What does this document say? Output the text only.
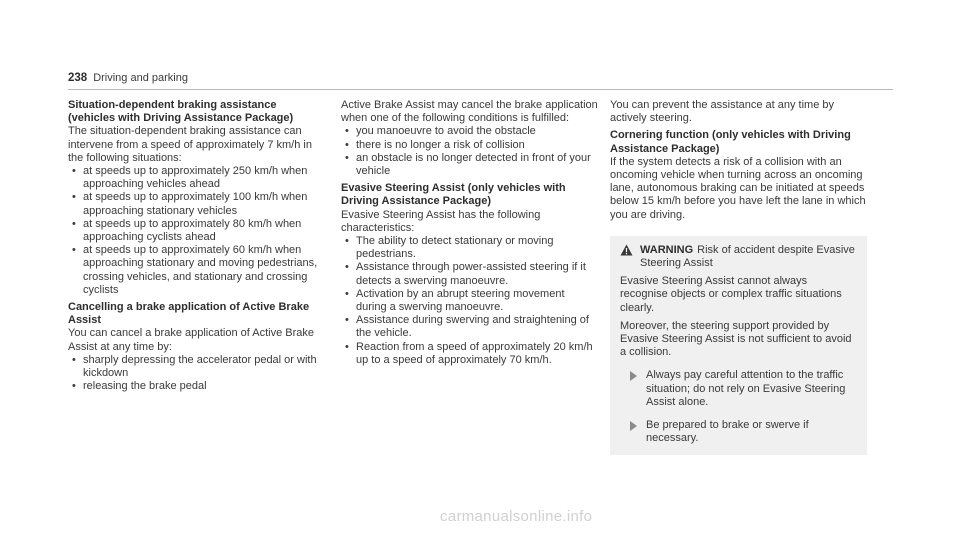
238 Driving and parking
Situation-dependent braking assistance (vehicles with Driving Assistance Package)

The situation-dependent braking assistance can intervene from a speed of approximately 7 km/h in the following situations:

• at speeds up to approximately 250 km/h when approaching vehicles ahead
• at speeds up to approximately 100 km/h when approaching stationary vehicles
• at speeds up to approximately 80 km/h when approaching cyclists ahead
• at speeds up to approximately 60 km/h when approaching stationary and moving pedestrians, crossing vehicles, and stationary and crossing cyclists
Cancelling a brake application of Active Brake Assist

You can cancel a brake application of Active Brake Assist at any time by:

• sharply depressing the accelerator pedal or with kickdown
• releasing the brake pedal

Active Brake Assist may cancel the brake application when one of the following conditions is fulfilled:

• you manoeuvre to avoid the obstacle
• there is no longer a risk of collision
• an obstacle is no longer detected in front of your vehicle
Evasive Steering Assist (only vehicles with Driving Assistance Package)

Evasive Steering Assist has the following characteristics:

• The ability to detect stationary or moving pedestrians.
• Assistance through power-assisted steering if it detects a swerving manoeuvre.
• Activation by an abrupt steering movement during a swerving manoeuvre.
• Assistance during swerving and straightening of the vehicle.
• Reaction from a speed of approximately 20 km/h up to a speed of approximately 70 km/h.

You can prevent the assistance at any time by actively steering.

Cornering function (only vehicles with Driving Assistance Package)

If the system detects a risk of a collision with an oncoming vehicle when turning across an oncoming lane, autonomous braking can be initiated at speeds below 15 km/h before you have left the lane in which you are driving.

WARNING Risk of accident despite Evasive Steering Assist

Evasive Steering Assist cannot always recognise objects or complex traffic situations clearly.

Moreover, the steering support provided by Evasive Steering Assist is not sufficient to avoid a collision.

Always pay careful attention to the traffic situation; do not rely on Evasive Steering Assist alone.
Be prepared to brake or swerve if necessary.
carmanualsonline.info
